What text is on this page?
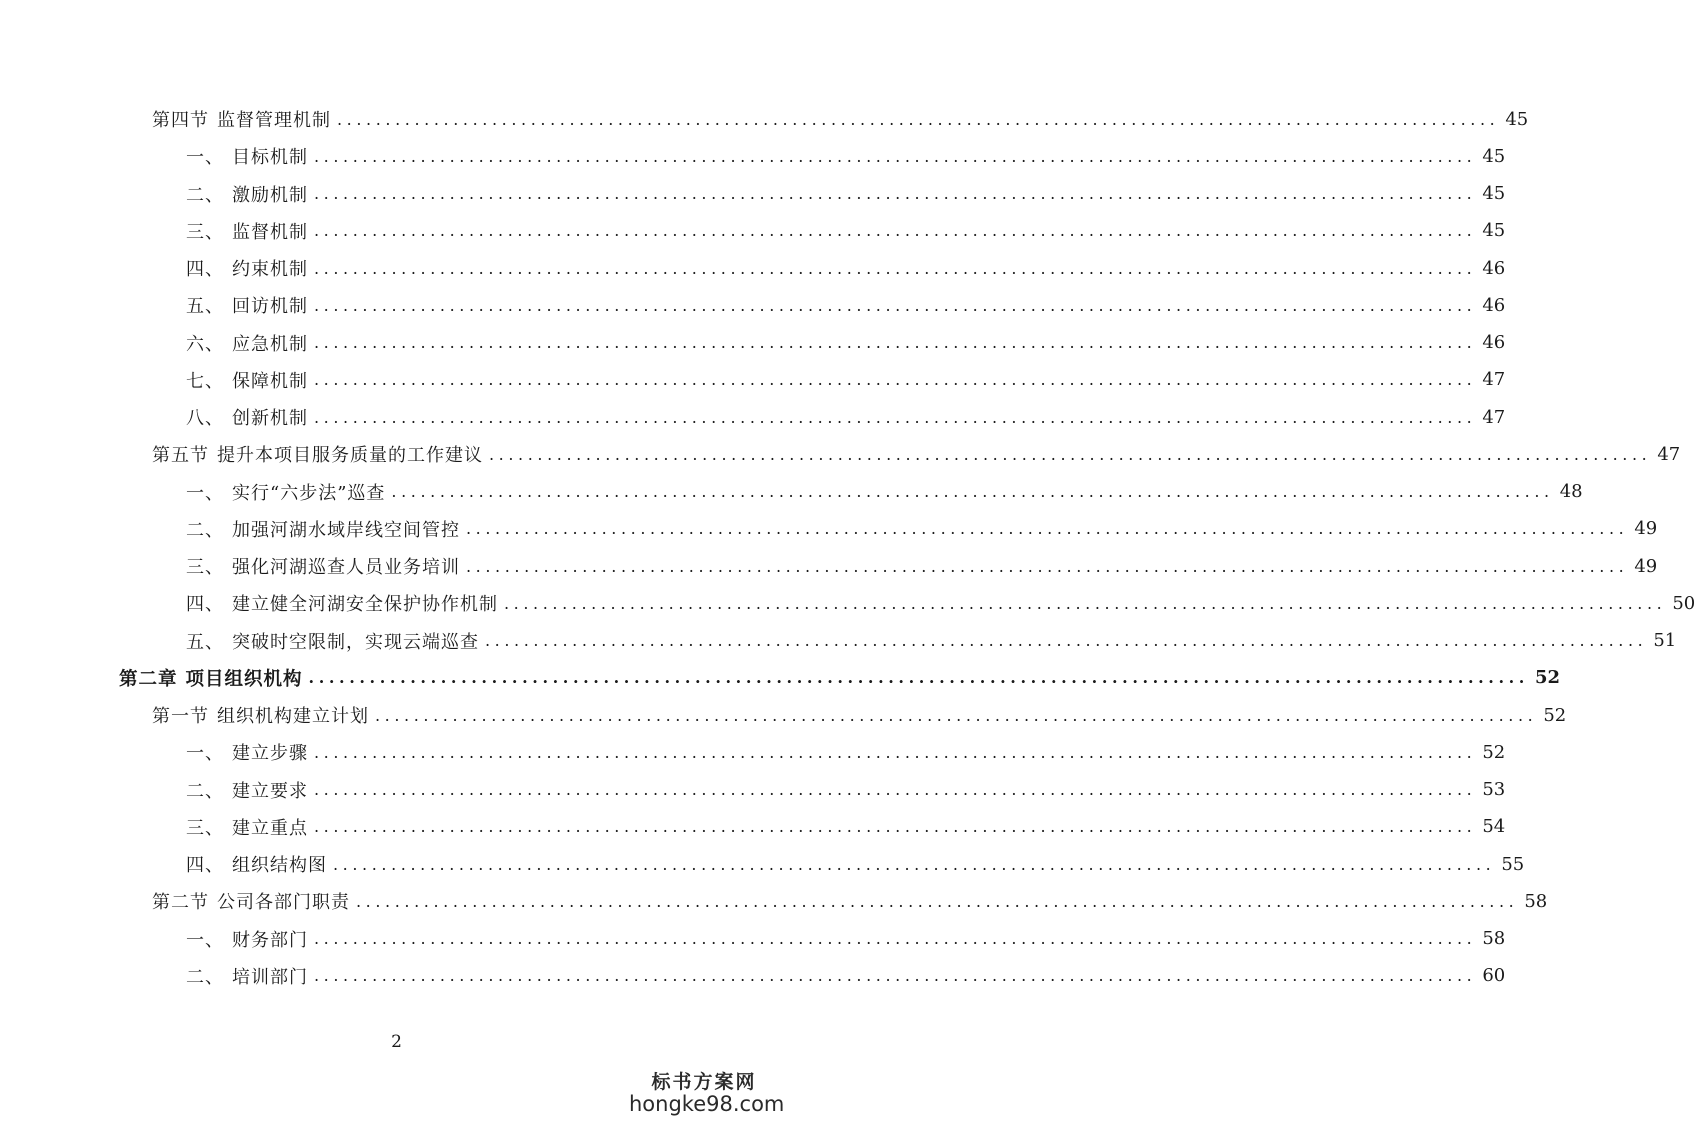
第四节 监督管理机制 ........................................................................................................................ 45
一、 目标机制 ........................................................................................................................ 45
二、 激励机制 ........................................................................................................................ 45
三、 监督机制 ........................................................................................................................ 45
四、 约束机制 ........................................................................................................................ 46
五、 回访机制 ........................................................................................................................ 46
六、 应急机制 ........................................................................................................................ 46
七、 保障机制 ........................................................................................................................ 47
八、 创新机制 ........................................................................................................................ 47
第五节 提升本项目服务质量的工作建议 ........................................................................................................................ 47
一、 实行“六步法”巡查 ........................................................................................................................ 48
二、 加强河湖水域岸线空间管控 ........................................................................................................................ 49
三、 强化河湖巡查人员业务培训 ........................................................................................................................ 49
四、 建立健全河湖安全保护协作机制 ........................................................................................................................ 50
五、 突破时空限制，实现云端巡查 ........................................................................................................................ 51
第二章 项目组织机构 ........................................................................................................................ 52
第一节 组织机构建立计划 ........................................................................................................................ 52
一、 建立步骤 ........................................................................................................................ 52
二、 建立要求 ........................................................................................................................ 53
三、 建立重点 ........................................................................................................................ 54
四、 组织结构图 ........................................................................................................................ 55
第二节 公司各部门职责 ........................................................................................................................ 58
一、 财务部门 ........................................................................................................................ 58
二、 培训部门 ........................................................................................................................ 60
2
标书方案网
hongke98.com
